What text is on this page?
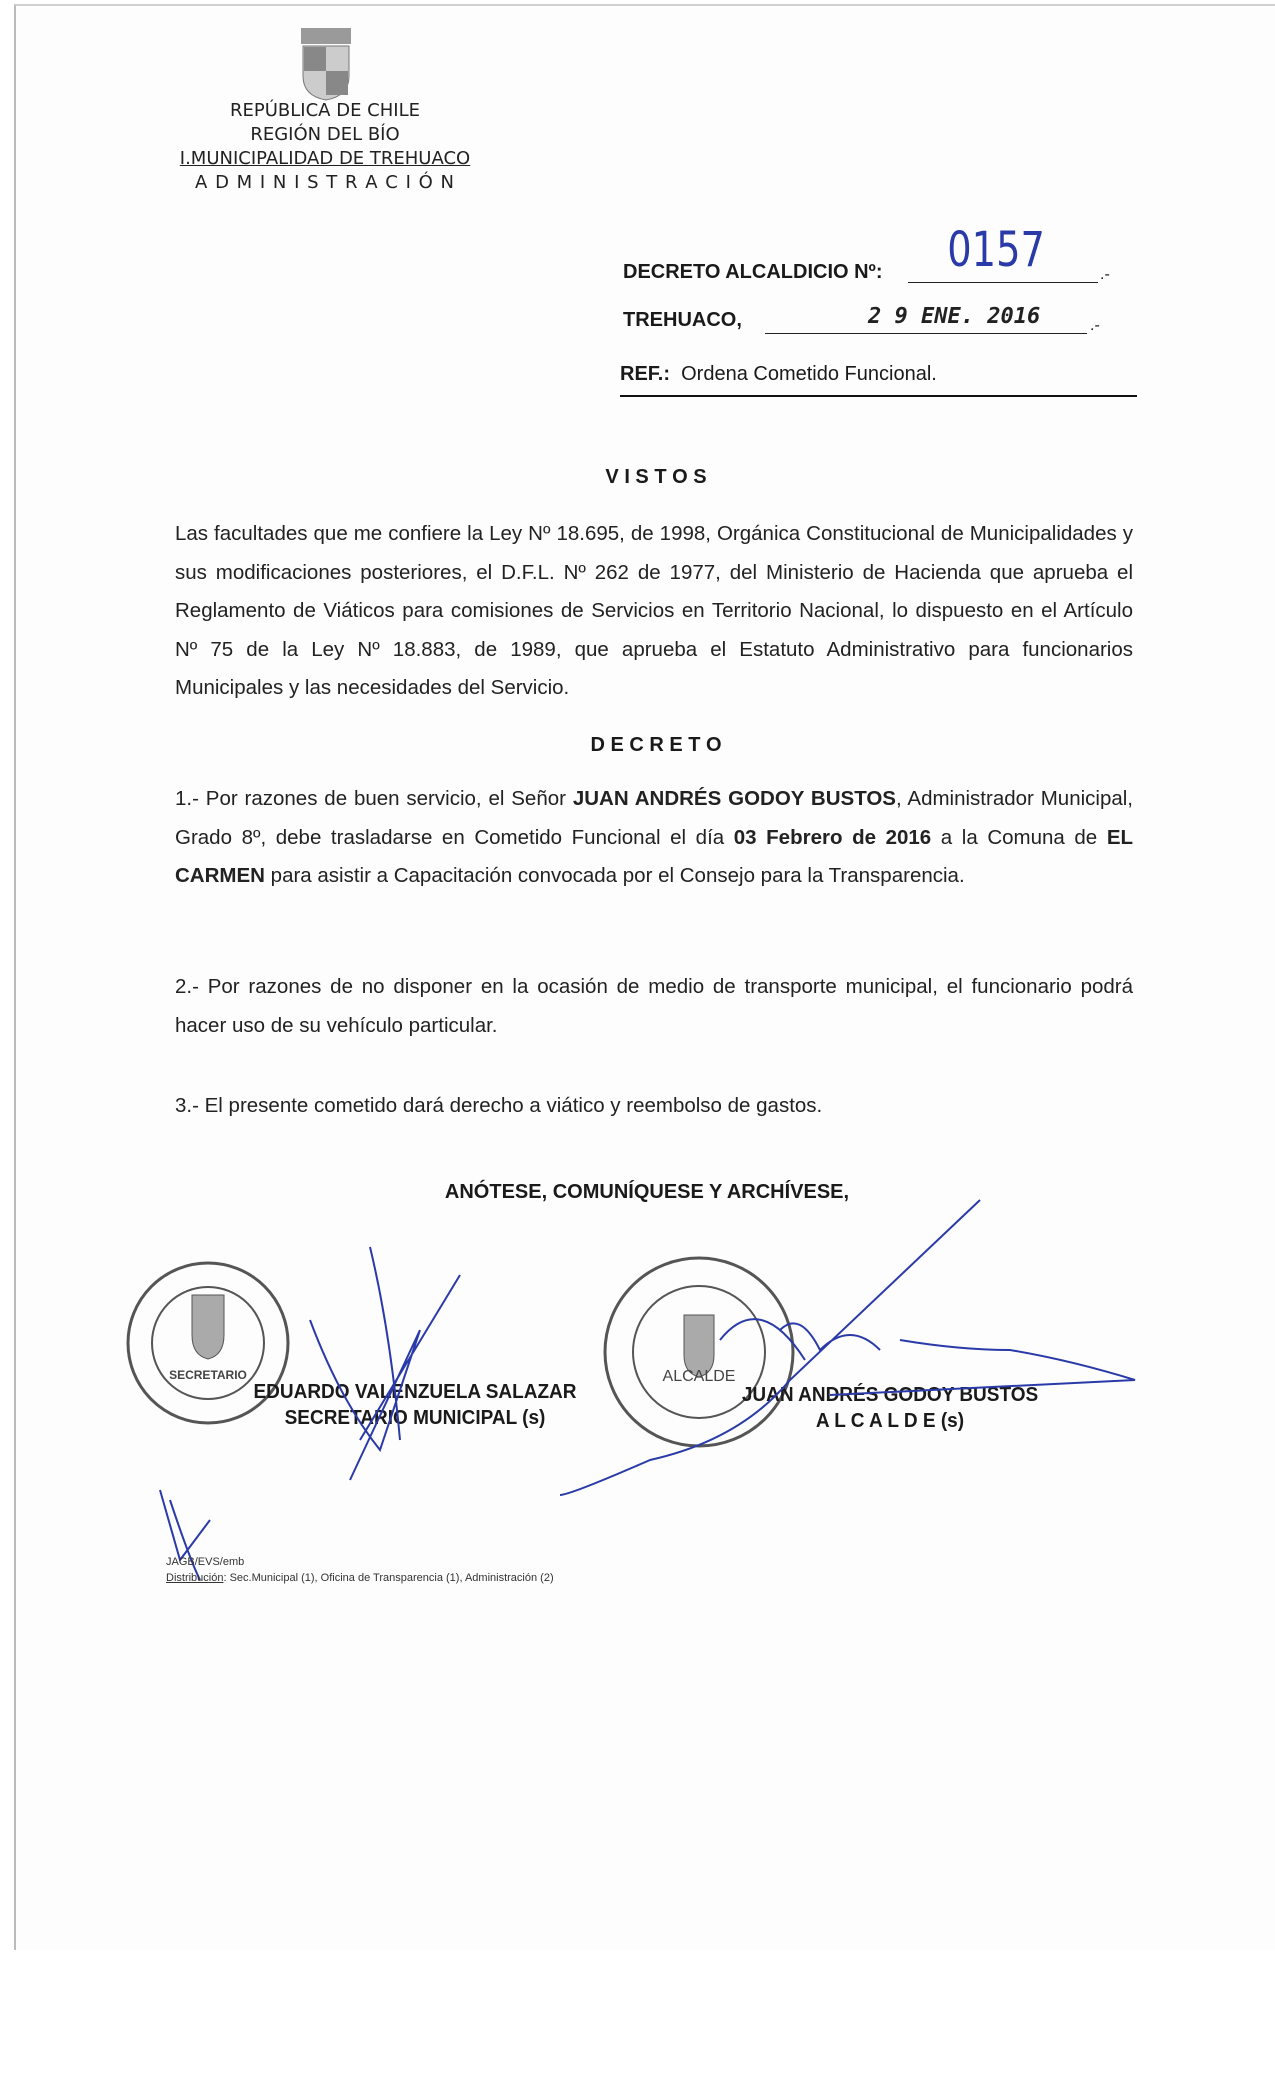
REPÚBLICA DE CHILE
REGIÓN DEL BÍO
I.MUNICIPALIDAD DE TREHUACO
A D M I N I S T R A C I Ó N
DECRETO ALCALDICIO Nº: 0157	.-
TREHUACO,	2 9 ENE. 2016	.-
REF.: Ordena Cometido Funcional.
V I S T O S
Las facultades que me confiere la Ley Nº 18.695, de 1998, Orgánica Constitucional de Municipalidades y sus modificaciones posteriores, el D.F.L. Nº 262 de 1977, del Ministerio de Hacienda que aprueba el Reglamento de Viáticos para comisiones de Servicios en Territorio Nacional, lo dispuesto en el Artículo Nº 75 de la Ley Nº 18.883, de 1989, que aprueba el Estatuto Administrativo para funcionarios Municipales y las necesidades del Servicio.
D E C R E T O
1.- Por razones de buen servicio, el Señor JUAN ANDRÉS GODOY BUSTOS, Administrador Municipal, Grado 8º, debe trasladarse en Cometido Funcional el día 03 Febrero de 2016 a la Comuna de EL CARMEN para asistir a Capacitación convocada por el Consejo para la Transparencia.
2.- Por razones de no disponer en la ocasión de medio de transporte municipal, el funcionario podrá hacer uso de su vehículo particular.
3.- El presente cometido dará derecho a viático y reembolso de gastos.
ANÓTESE, COMUNÍQUESE Y ARCHÍVESE,
SECRETARIO	ALCALDE
EDUARDO VALENZUELA SALAZAR
SECRETARIO MUNICIPAL (s)
JUAN ANDRÉS GODOY BUSTOS
A L C A L D E (s)
JAGB/EVS/emb
Distribución: Sec.Municipal (1), Oficina de Transparencia (1), Administración (2)
